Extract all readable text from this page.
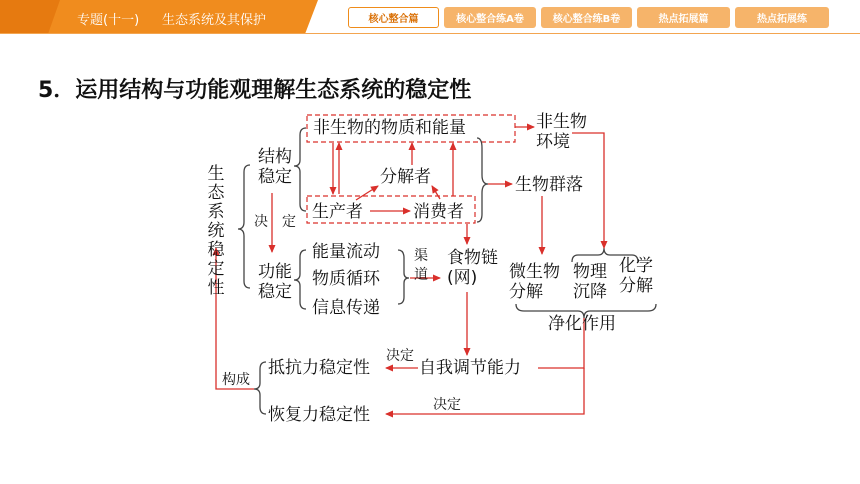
专题(十一) 生态系统及其保护	核心整合篇	核心整合练A卷	核心整合练B卷	热点拓展篇	热点拓展练
5．运用结构与功能观理解生态系统的稳定性
生态系统稳定性
结构稳定
决 定
功能稳定
非生物的物质和能量	非生物环境
分解者
生产者	消费者
生物群落
能量流动
物质循环
信息传递
渠道
食物链(网)	微生物分解
物理沉降
化学分解
净化作用
自我调节能力
决定
抵抗力稳定性
恢复力稳定性	决定
构成
